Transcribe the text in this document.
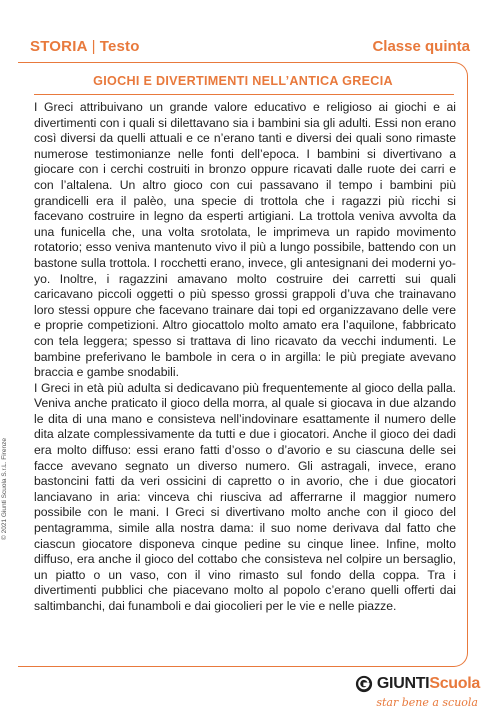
STORIA | Testo	Classe quinta
GIOCHI E DIVERTIMENTI NELL’ANTICA GRECIA

I Greci attribuivano un grande valore educativo e religioso ai giochi e ai divertimenti con i quali si dilettavano sia i bambini sia gli adulti. Essi non erano così diversi da quelli attuali e ce n’erano tanti e diversi dei quali sono rimaste numerose testimonianze nelle fonti dell’epoca. I bambini si divertivano a giocare con i cerchi costruiti in bronzo oppure ricavati dalle ruote dei carri e con l’altalena. Un altro gioco con cui passavano il tempo i bambini più grandicelli era il palèo, una specie di trottola che i ragazzi più ricchi si facevano costruire in legno da esperti artigiani. La trottola veniva avvolta da una funicella che, una volta srotolata, le imprimeva un rapido movimento rotatorio; esso veniva mantenuto vivo il più a lungo possibile, battendo con un bastone sulla trottola. I rocchetti erano, invece, gli antesignani dei moderni yo-yo. Inoltre, i ragazzini amavano molto costruire dei carretti sui quali caricavano piccoli oggetti o più spesso grossi grappoli d’uva che trainavano loro stessi oppure che facevano trainare dai topi ed organizzavano delle vere e proprie competizioni. Altro giocattolo molto amato era l’aquilone, fabbricato con tela leggera; spesso si trattava di lino ricavato da vecchi indumenti. Le bambine preferivano le bambole in cera o in argilla: le più pregiate avevano braccia e gambe snodabili.

I Greci in età più adulta si dedicavano più frequentemente al gioco della palla. Veniva anche praticato il gioco della morra, al quale si giocava in due alzando le dita di una mano e consisteva nell’indovinare esattamente il numero delle dita alzate complessivamente da tutti e due i giocatori. Anche il gioco dei dadi era molto diffuso: essi erano fatti d’osso o d’avorio e su ciascuna delle sei facce avevano segnato un diverso numero. Gli astragali, invece, erano bastoncini fatti da veri ossicini di capretto o in avorio, che i due giocatori lanciavano in aria: vinceva chi riusciva ad afferrarne il maggior numero possibile con le mani. I Greci si divertivano molto anche con il gioco del pentagramma, simile alla nostra dama: il suo nome derivava dal fatto che ciascun giocatore disponeva cinque pedine su cinque linee. Infine, molto diffuso, era anche il gioco del cottabo che consisteva nel colpire un bersaglio, un piatto o un vaso, con il vino rimasto sul fondo della coppa. Tra i divertimenti pubblici che piacevano molto al popolo c’erano quelli offerti dai saltimbanchi, dai funamboli e dai giocolieri per le vie e nelle piazze.

© 2021 Giunti Scuola S.r.L. Firenze
GIUNTI Scuola
star bene a scuola
